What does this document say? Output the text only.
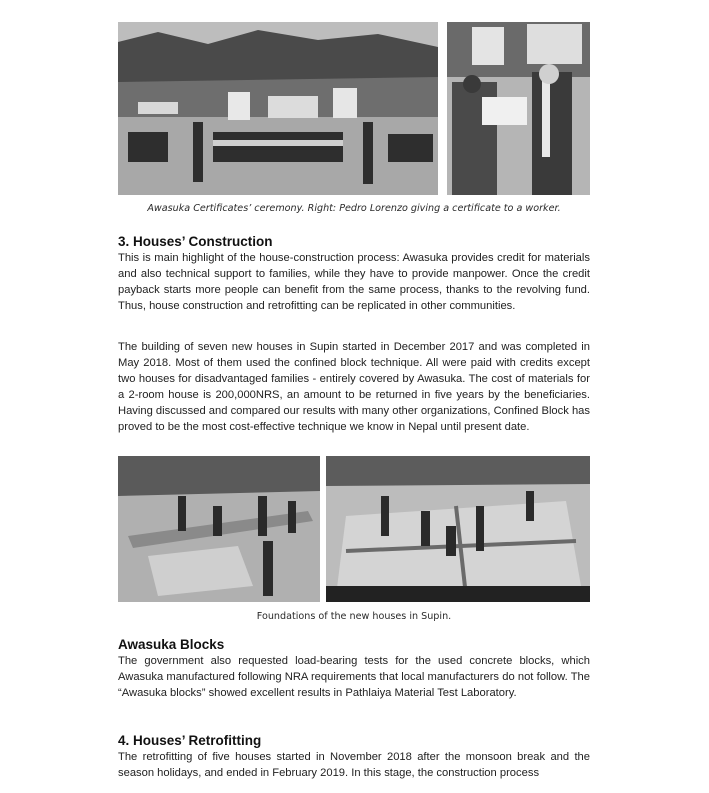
Awasuka Certificates’ ceremony. Right: Pedro Lorenzo giving a certificate to a worker.
3. Houses’ Construction

This is main highlight of the house-construction process: Awasuka provides credit for materials and also technical support to families, while they have to provide manpower. Once the credit payback starts more people can benefit from the same process, thanks to the revolving fund. Thus, house construction and retrofitting can be replicated in other communities.

The building of seven new houses in Supin started in December 2017 and was completed in May 2018. Most of them used the confined block technique. All were paid with credits except two houses for disadvantaged families - entirely covered by Awasuka. The cost of materials for a 2-room house is 200,000NRS, an amount to be returned in five years by the beneficiaries. Having discussed and compared our results with many other organizations, Confined Block has proved to be the most cost-effective technique we know in Nepal until present date.

Foundations of the new houses in Supin.
Awasuka Blocks

The government also requested load-bearing tests for the used concrete blocks, which Awasuka manufactured following NRA requirements that local manufacturers do not follow. The “Awasuka blocks” showed excellent results in Pathlaiya Material Test Laboratory.

4. Houses’ Retrofitting

The retrofitting of five houses started in November 2018 after the monsoon break and the season holidays, and ended in February 2019. In this stage, the construction process
